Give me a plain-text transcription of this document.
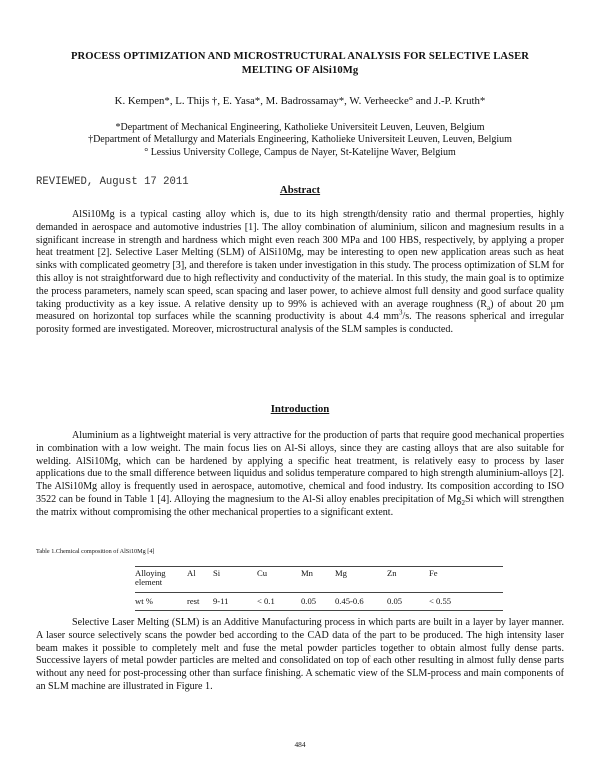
PROCESS OPTIMIZATION AND MICROSTRUCTURAL ANALYSIS FOR SELECTIVE LASER
MELTING OF AlSi10Mg
K. Kempen*, L. Thijs †, E. Yasa*, M. Badrossamay*, W. Verheecke° and J.-P. Kruth*
*Department of Mechanical Engineering, Katholieke Universiteit Leuven, Leuven, Belgium
†Department of Metallurgy and Materials Engineering, Katholieke Universiteit Leuven, Leuven, Belgium
° Lessius University College, Campus de Nayer, St-Katelijne Waver, Belgium
REVIEWED, August 17 2011
Abstract
AlSi10Mg is a typical casting alloy which is, due to its high strength/density ratio and thermal properties, highly demanded in aerospace and automotive industries [1]. The alloy combination of aluminium, silicon and magnesium results in a significant increase in strength and hardness which might even reach 300 MPa and 100 HBS, respectively, by applying a proper heat treatment [2]. Selective Laser Melting (SLM) of AlSi10Mg, may be interesting to open new application areas such as heat sinks with complicated geometry [3], and therefore is taken under investigation in this study. The process optimization of SLM for this alloy is not straightforward due to high reflectivity and conductivity of the material. In this study, the main goal is to optimize the process parameters, namely scan speed, scan spacing and laser power, to achieve almost full density and good surface quality taking productivity as a key issue. A relative density up to 99% is achieved with an average roughness $(R_a)$ of about 20 µm measured on horizontal top surfaces while the scanning productivity is about 4.4 $mm^3/s$. The reasons spherical and irregular porosity formed are investigated. Moreover, microstructural analysis of the SLM samples is conducted.
Introduction
Aluminium as a lightweight material is very attractive for the production of parts that require good mechanical properties in combination with a low weight. The main focus lies on Al-Si alloys, since they are casting alloys that are also suitable for welding. AlSi10Mg, which can be hardened by applying a specific heat treatment, is relatively easy to process by laser applications due to the small difference between liquidus and solidus temperature compared to high strength aluminium-alloys [2]. The AlSi10Mg alloy is frequently used in aerospace, automotive, chemical and food industry. Its composition according to ISO 3522 can be found in Table 1 [4]. Alloying the magnesium to the Al-Si alloy enables precipitation of $Mg_2Si$ which will strengthen the matrix without compromising the other mechanical properties to a significant extent.
Table 1.Chemical composition of AlSi10Mg [4]
Alloying
element	Al	Si	Cu	Mn	Mg	Zn	Fe
wt %	rest	9-11	< 0.1	0.05	0.45-0.6	0.05	< 0.55
Selective Laser Melting (SLM) is an Additive Manufacturing process in which parts are built in a layer by layer manner. A laser source selectively scans the powder bed according to the CAD data of the part to be produced. The high intensity laser beam makes it possible to completely melt and fuse the metal powder particles together to obtain almost fully dense parts. Successive layers of metal powder particles are melted and consolidated on top of each other resulting in almost fully dense parts without any need for post-processing other than surface finishing. A schematic view of the SLM-process and main components of an SLM machine are illustrated in Figure 1.
484
